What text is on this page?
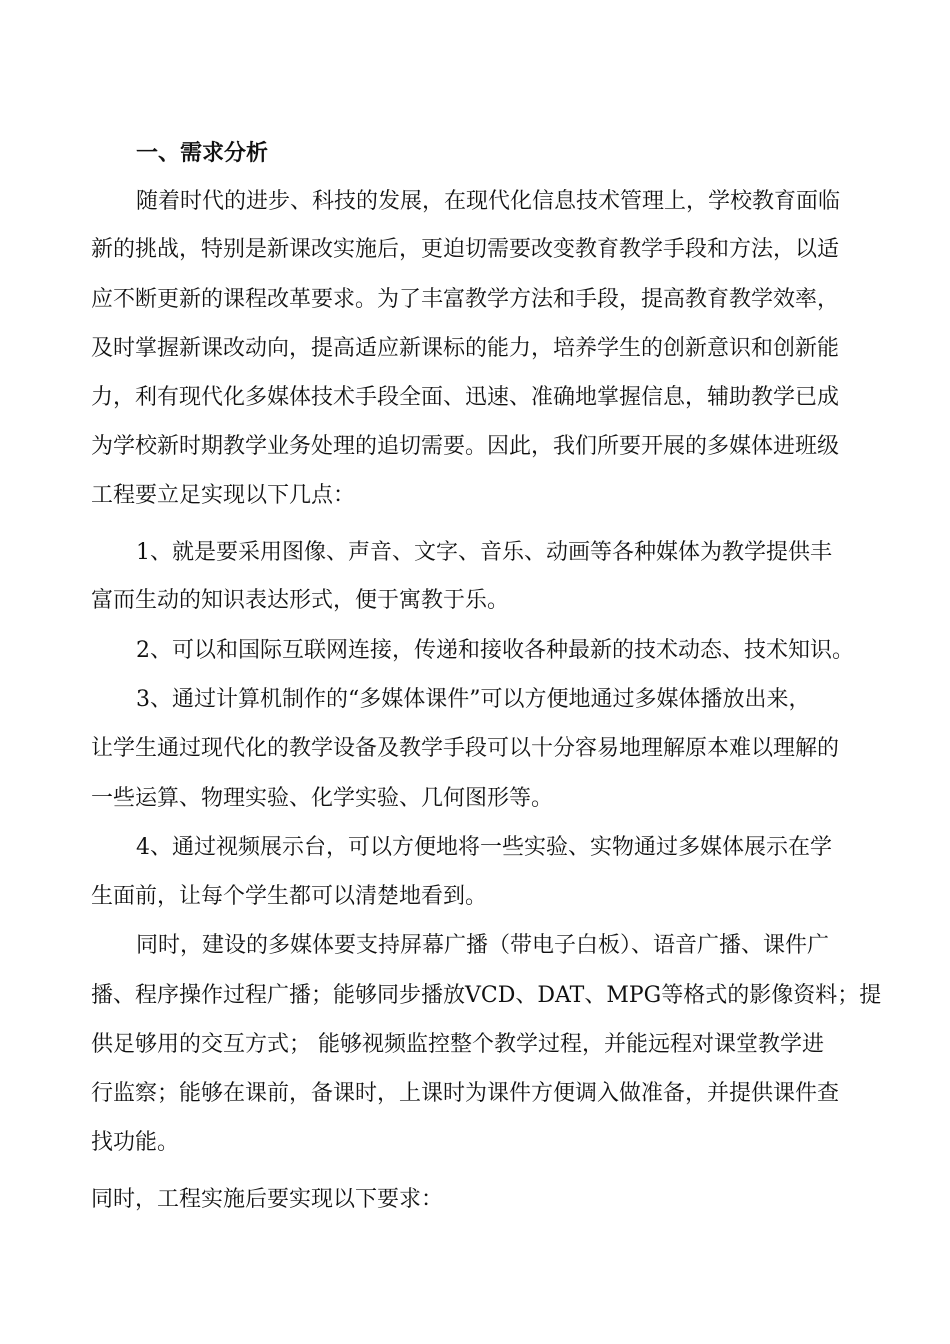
一、需求分析
随着时代的进步、科技的发展，在现代化信息技术管理上，学校教育面临
新的挑战，特别是新课改实施后，更迫切需要改变教育教学手段和方法，以适
应不断更新的课程改革要求。为了丰富教学方法和手段，提高教育教学效率，
及时掌握新课改动向，提高适应新课标的能力，培养学生的创新意识和创新能
力，利有现代化多媒体技术手段全面、迅速、准确地掌握信息，辅助教学已成
为学校新时期教学业务处理的追切需要。因此，我们所要开展的多媒体进班级
工程要立足实现以下几点：
1、就是要采用图像、声音、文字、音乐、动画等各种媒体为教学提供丰
富而生动的知识表达形式，便于寓教于乐。
2、可以和国际互联网连接，传递和接收各种最新的技术动态、技术知识。
3、通过计算机制作的“多媒体课件”可以方便地通过多媒体播放出来，
让学生通过现代化的教学设备及教学手段可以十分容易地理解原本难以理解的
一些运算、物理实验、化学实验、几何图形等。
4、通过视频展示台，可以方便地将一些实验、实物通过多媒体展示在学
生面前，让每个学生都可以清楚地看到。
同时，建设的多媒体要支持屏幕广播（带电子白板）、语音广播、课件广
播、程序操作过程广播；能够同步播放VCD、DAT、MPG等格式的影像资料；提
供足够用的交互方式； 能够视频监控整个教学过程，并能远程对课堂教学进
行监察；能够在课前，备课时，上课时为课件方便调入做准备，并提供课件查
找功能。
同时，工程实施后要实现以下要求：
